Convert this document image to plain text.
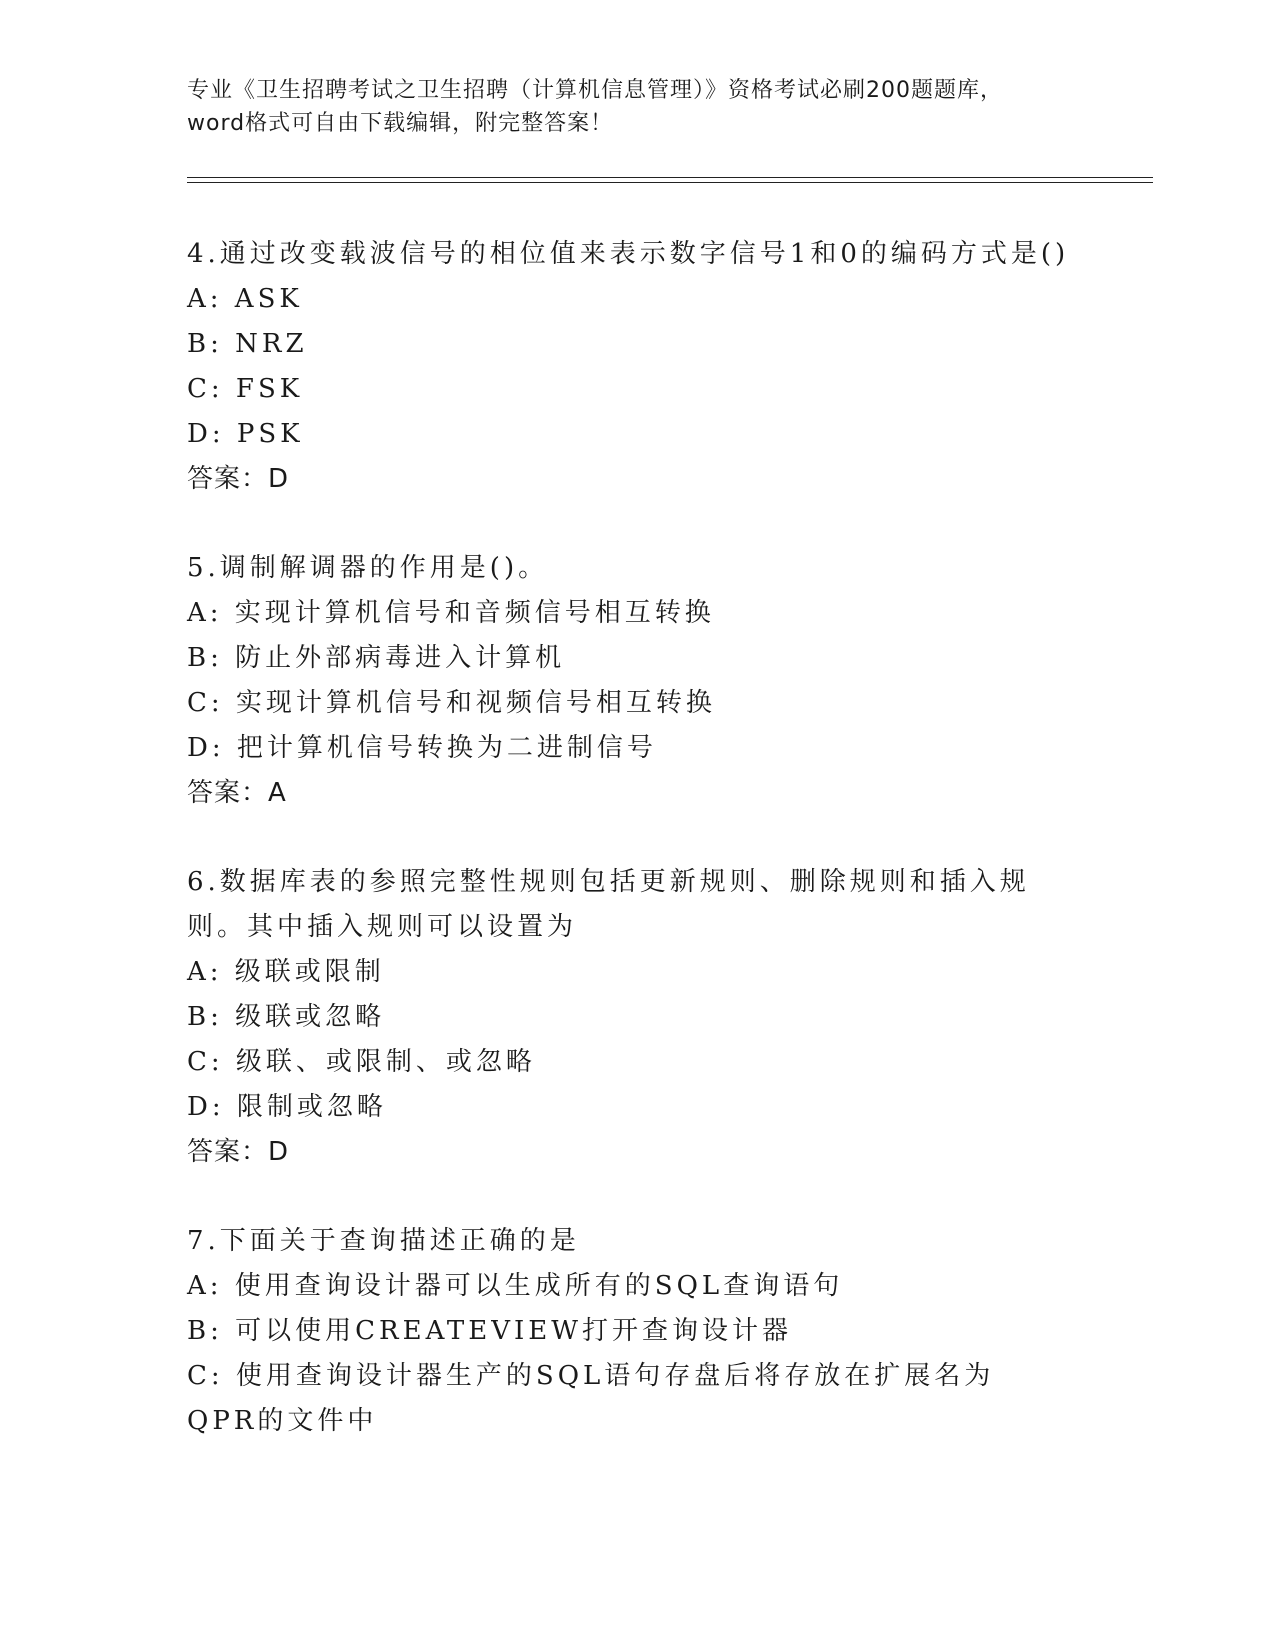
专业《卫生招聘考试之卫生招聘（计算机信息管理）》资格考试必刷200题题库，
word格式可自由下载编辑，附完整答案！
4.通过改变载波信号的相位值来表示数字信号1和0的编码方式是()
A: ASK
B: NRZ
C: FSK
D: PSK
答案：D
5.调制解调器的作用是()。
A: 实现计算机信号和音频信号相互转换
B: 防止外部病毒进入计算机
C: 实现计算机信号和视频信号相互转换
D: 把计算机信号转换为二进制信号
答案：A
6.数据库表的参照完整性规则包括更新规则、删除规则和插入规则。其中插入规则可以设置为
A: 级联或限制
B: 级联或忽略
C: 级联、或限制、或忽略
D: 限制或忽略
答案：D
7.下面关于查询描述正确的是
A: 使用查询设计器可以生成所有的SQL查询语句
B: 可以使用CREATEVIEW打开查询设计器
C: 使用查询设计器生产的SQL语句存盘后将存放在扩展名为QPR的文件中
